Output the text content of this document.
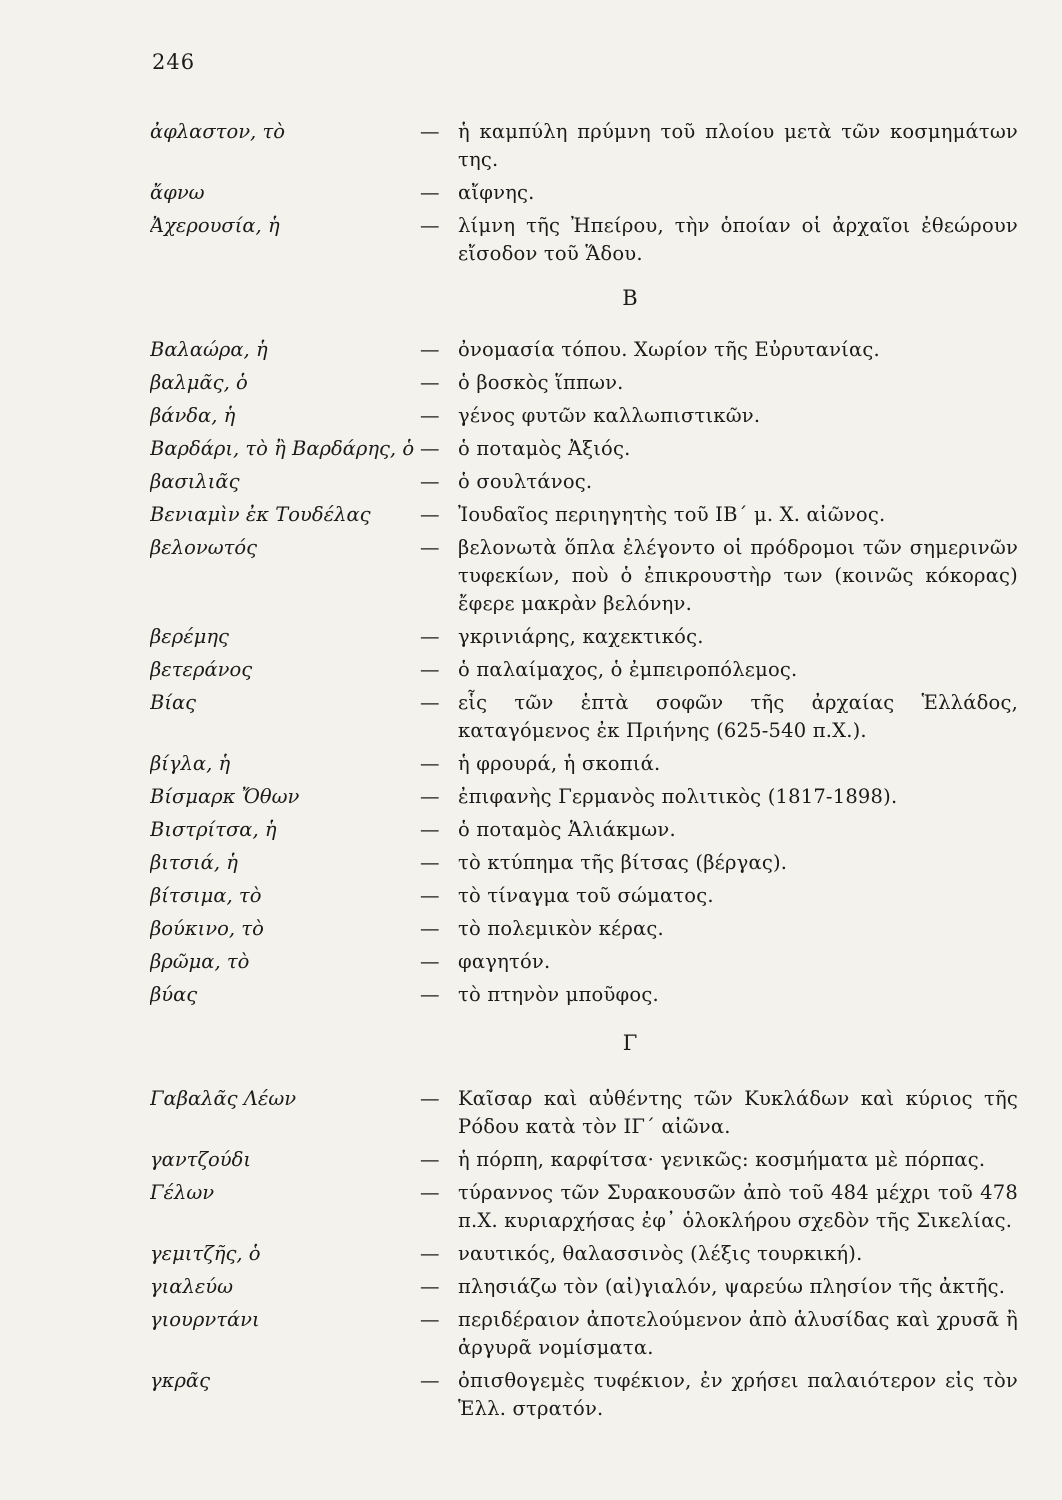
246
ἀφλαστον, τὸ	— ἡ καμπύλη πρύμνη τοῦ πλοίου μετὰ τῶν κοσμημάτων της.
ἄφνω	— αἴφνης.
Ἀχερουσία, ἡ	— λίμνη τῆς Ἠπείρου, τὴν ὁποίαν οἱ ἀρχαῖοι ἐθεώρουν εἴσοδον τοῦ Ἅδου.
Β
Βαλαώρα, ἡ	— ὀνομασία τόπου. Χωρίον τῆς Εὐρυτανίας.
βαλμᾶς, ὁ	— ὁ βοσκὸς ἵππων.
βάνδα, ἡ	— γένος φυτῶν καλλωπιστικῶν.
Βαρδάρι, τὸ ἢ Βαρδάρης, ὁ — ὁ ποταμὸς Ἀξιός.
βασιλιᾶς	— ὁ σουλτάνος.
Βενιαμὶν ἐκ Τουδέλας	— Ἰουδαῖος περιηγητὴς τοῦ ΙΒ΄ μ. Χ. αἰῶνος.
βελονωτός	— βελονωτὰ ὅπλα ἐλέγοντο οἱ πρόδρομοι τῶν σημερινῶν τυφεκίων, ποὺ ὁ ἐπικρουστὴρ των (κοινῶς κόκορας) ἔφερε μακρὰν βελόνην.
βερέμης	— γκρινιάρης, καχεκτικός.
βετεράνος	— ὁ παλαίμαχος, ὁ ἐμπειροπόλεμος.
Βίας	— εἷς τῶν ἑπτὰ σοφῶν τῆς ἀρχαίας Ἑλλάδος, καταγόμενος ἐκ Πριήνης (625-540 π.Χ.).
βίγλα, ἡ	— ἡ φρουρά, ἡ σκοπιά.
Βίσμαρκ Ὄθων	— ἐπιφανὴς Γερμανὸς πολιτικὸς (1817-1898).
Βιστρίτσα, ἡ	— ὁ ποταμὸς Ἁλιάκμων.
βιτσιά, ἡ	— τὸ κτύπημα τῆς βίτσας (βέργας).
βίτσιμα, τὸ	— τὸ τίναγμα τοῦ σώματος.
βούκινο, τὸ	— τὸ πολεμικὸν κέρας.
βρῶμα, τὸ	— φαγητόν.
βύας	— τὸ πτηνὸν μποῦφος.
Γ
Γαβαλᾶς Λέων	— Καῖσαρ καὶ αὐθέντης τῶν Κυκλάδων καὶ κύριος τῆς Ρόδου κατὰ τὸν ΙΓ΄ αἰῶνα.
γαντζούδι	— ἡ πόρπη, καρφίτσα· γενικῶς: κοσμήματα μὲ πόρπας.
Γέλων	— τύραννος τῶν Συρακουσῶν ἀπὸ τοῦ 484 μέχρι τοῦ 478 π.Χ. κυριαρχήσας ἐφ᾽ ὁλοκλήρου σχεδὸν τῆς Σικελίας.
γεμιτζῆς, ὁ	— ναυτικός, θαλασσινὸς (λέξις τουρκική).
γιαλεύω	— πλησιάζω τὸν (αἰ)γιαλόν, ψαρεύω πλησίον τῆς ἀκτῆς.
γιουρντάνι	— περιδέραιον ἀποτελούμενον ἀπὸ ἁλυσίδας καὶ χρυσᾶ ἢ ἀργυρᾶ νομίσματα.
γκρᾶς	— ὀπισθογεμὲς τυφέκιον, ἐν χρήσει παλαιότερον εἰς τὸν Ἑλλ. στρατόν.
